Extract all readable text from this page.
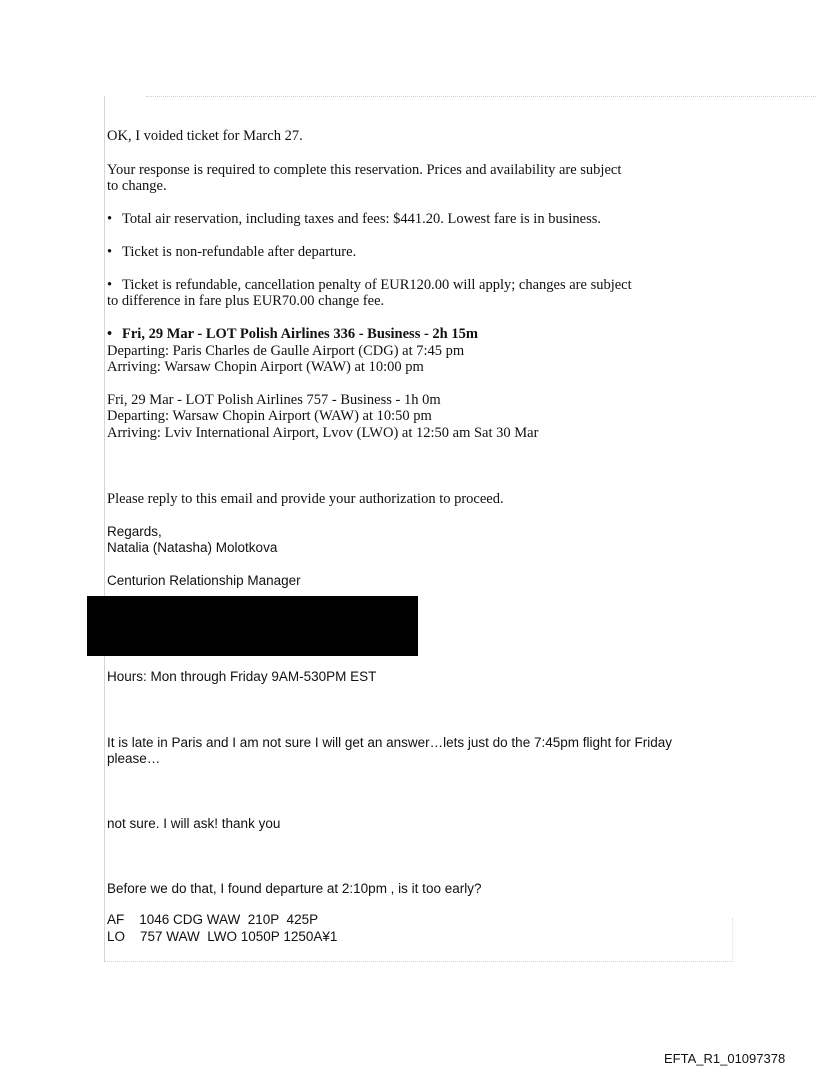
OK, I voided ticket for March 27.
Your response is required to complete this reservation. Prices and availability are subject
to change.
• Total air reservation, including taxes and fees: $441.20. Lowest fare is in business.
• Ticket is non-refundable after departure.
• Ticket is refundable, cancellation penalty of EUR120.00 will apply; changes are subject
to difference in fare plus EUR70.00 change fee.
• Fri, 29 Mar - LOT Polish Airlines 336 - Business - 2h 15m
Departing: Paris Charles de Gaulle Airport (CDG) at 7:45 pm
Arriving: Warsaw Chopin Airport (WAW) at 10:00 pm
Fri, 29 Mar - LOT Polish Airlines 757 - Business - 1h 0m
Departing: Warsaw Chopin Airport (WAW) at 10:50 pm
Arriving: Lviv International Airport, Lvov (LWO) at 12:50 am Sat 30 Mar
Please reply to this email and provide your authorization to proceed.
Regards,
Natalia (Natasha) Molotkova
Centurion Relationship Manager
Hours: Mon through Friday 9AM-530PM EST
It is late in Paris and I am not sure I will get an answer…lets just do the 7:45pm flight for Friday
please…
not sure. I will ask! thank you
Before we do that, I found departure at 2:10pm , is it too early?
AF    1046 CDG WAW  210P  425P
LO    757 WAW  LWO 1050P 1250A¥1
EFTA_R1_01097378
